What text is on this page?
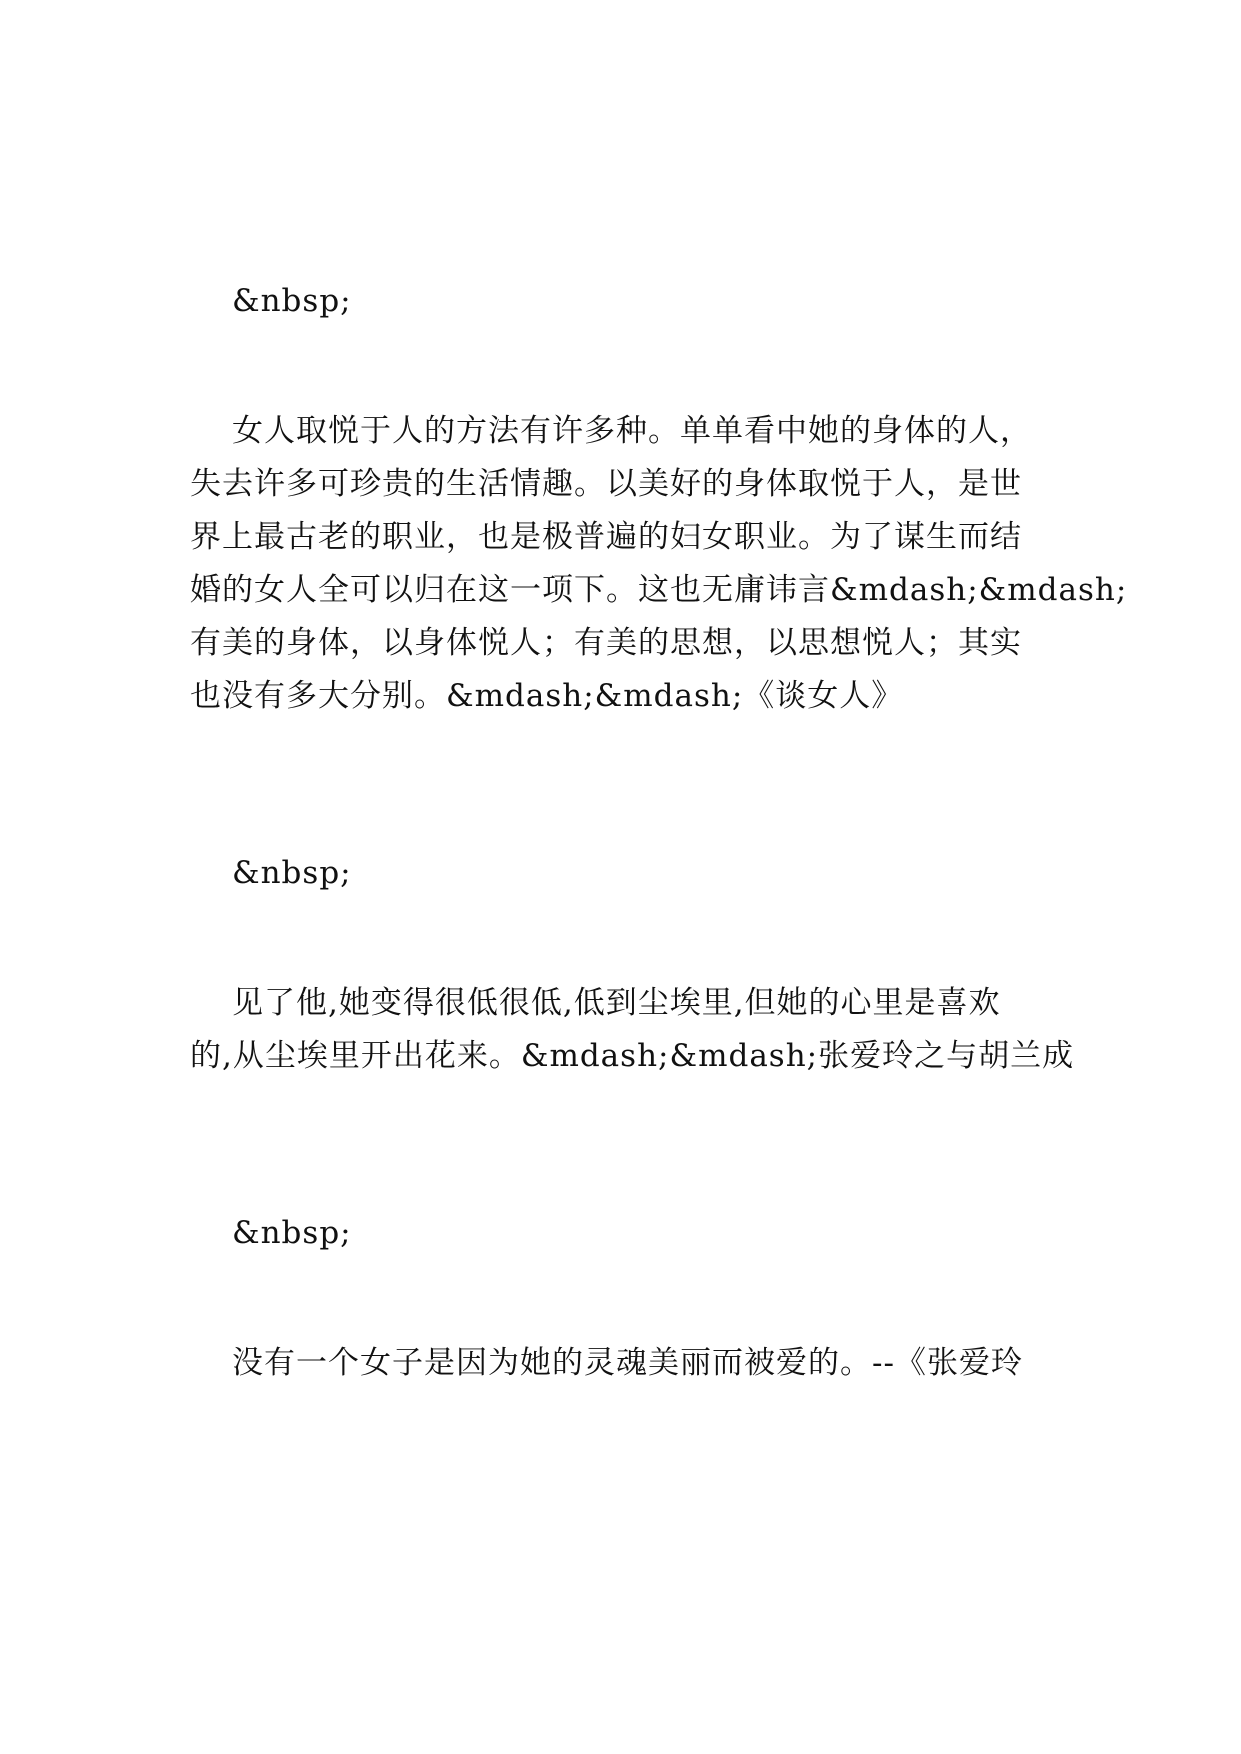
&nbsp;
女人取悦于人的方法有许多种。单单看中她的身体的人，
失去许多可珍贵的生活情趣。以美好的身体取悦于人，是世
界上最古老的职业，也是极普遍的妇女职业。为了谋生而结
婚的女人全可以归在这一项下。这也无庸讳言&mdash;&mdash;
有美的身体，以身体悦人；有美的思想，以思想悦人；其实
也没有多大分别。&mdash;&mdash;《谈女人》
&nbsp;
见了他,她变得很低很低,低到尘埃里,但她的心里是喜欢
的,从尘埃里开出花来。&mdash;&mdash;张爱玲之与胡兰成
&nbsp;
没有一个女子是因为她的灵魂美丽而被爱的。--《张爱玲
